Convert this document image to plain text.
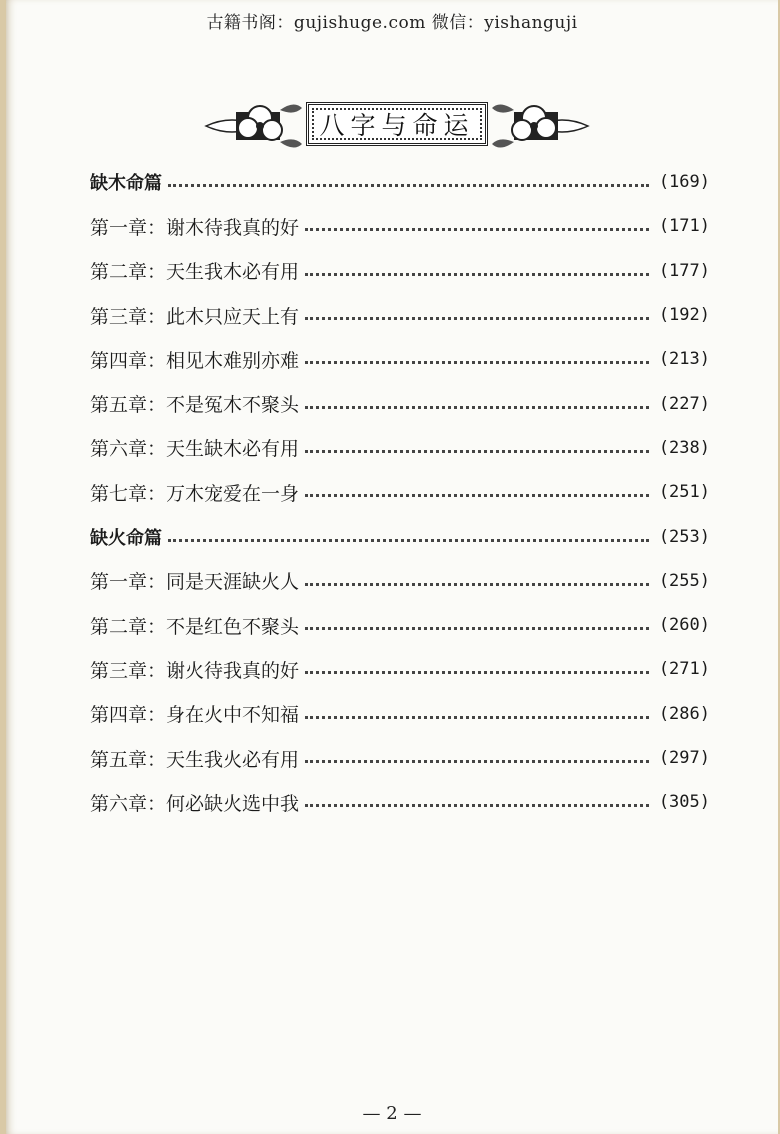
古籍书阁：gujishuge.com 微信：yishanguji
八字与命运
缺木命篇	(169)
第一章：谢木待我真的好	(171)
第二章：天生我木必有用	(177)
第三章：此木只应天上有	(192)
第四章：相见木难别亦难	(213)
第五章：不是冤木不聚头	(227)
第六章：天生缺木必有用	(238)
第七章：万木宠爱在一身	(251)
缺火命篇	(253)
第一章：同是天涯缺火人	(255)
第二章：不是红色不聚头	(260)
第三章：谢火待我真的好	(271)
第四章：身在火中不知福	(286)
第五章：天生我火必有用	(297)
第六章：何必缺火选中我	(305)
— 2 —
